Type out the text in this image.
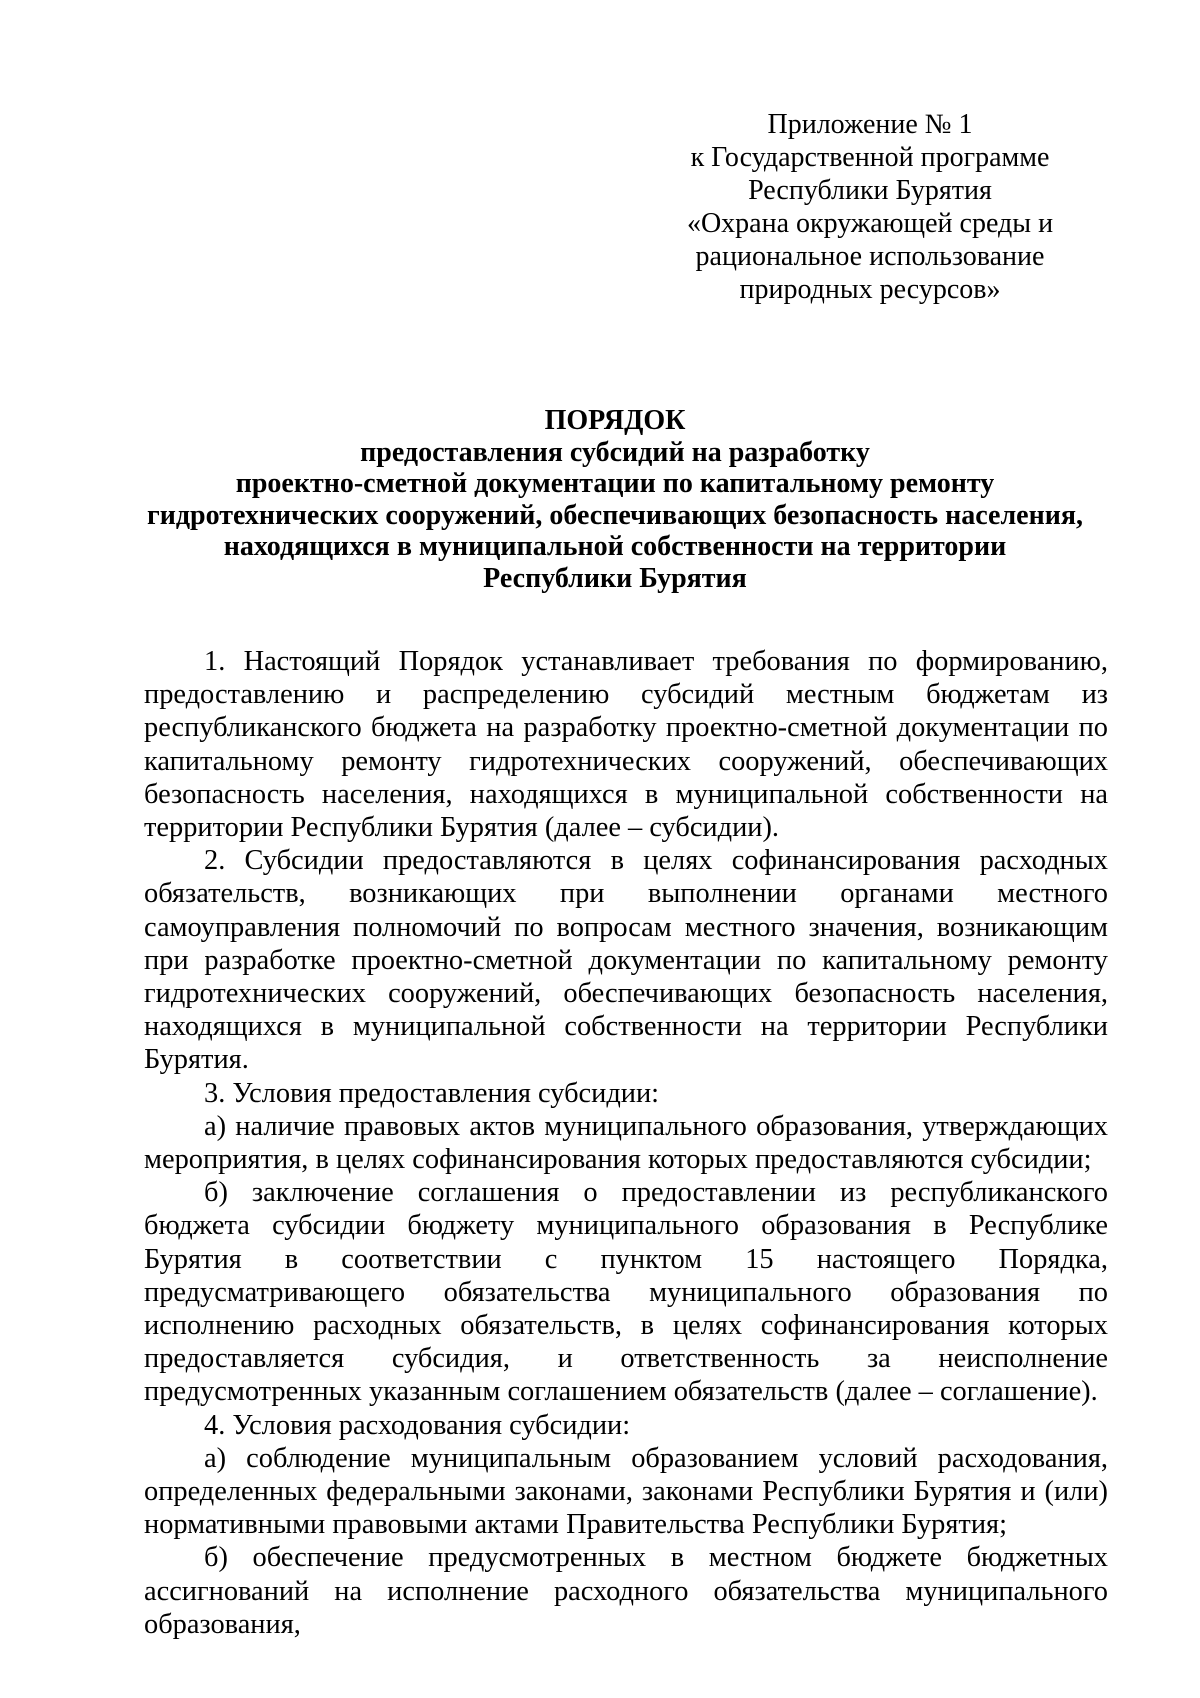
Приложение № 1
к Государственной программе
Республики Бурятия
«Охрана окружающей среды и
рациональное использование
природных ресурсов»
ПОРЯДОК
предоставления субсидий на разработку
проектно-сметной документации по капитальному ремонту
гидротехнических сооружений, обеспечивающих безопасность населения,
находящихся в муниципальной собственности на территории
Республики Бурятия

1. Настоящий Порядок устанавливает требования по формированию, предоставлению и распределению субсидий местным бюджетам из республиканского бюджета на разработку проектно-сметной документации по капитальному ремонту гидротехнических сооружений, обеспечивающих безопасность населения, находящихся в муниципальной собственности на территории Республики Бурятия (далее – субсидии).

2. Субсидии предоставляются в целях софинансирования расходных обязательств, возникающих при выполнении органами местного самоуправления полномочий по вопросам местного значения, возникающим при разработке проектно-сметной документации по капитальному ремонту гидротехнических сооружений, обеспечивающих безопасность населения, находящихся в муниципальной собственности на территории Республики Бурятия.

3. Условия предоставления субсидии:

а) наличие правовых актов муниципального образования, утверждающих мероприятия, в целях софинансирования которых предоставляются субсидии;

б) заключение соглашения о предоставлении из республиканского бюджета субсидии бюджету муниципального образования в Республике Бурятия в соответствии с пунктом 15 настоящего Порядка, предусматривающего обязательства муниципального образования по исполнению расходных обязательств, в целях софинансирования которых предоставляется субсидия, и ответственность за неисполнение предусмотренных указанным соглашением обязательств (далее – соглашение).

4. Условия расходования субсидии:

а) соблюдение муниципальным образованием условий расходования, определенных федеральными законами, законами Республики Бурятия и (или) нормативными правовыми актами Правительства Республики Бурятия;

б) обеспечение предусмотренных в местном бюджете бюджетных ассигнований на исполнение расходного обязательства муниципального образования,
